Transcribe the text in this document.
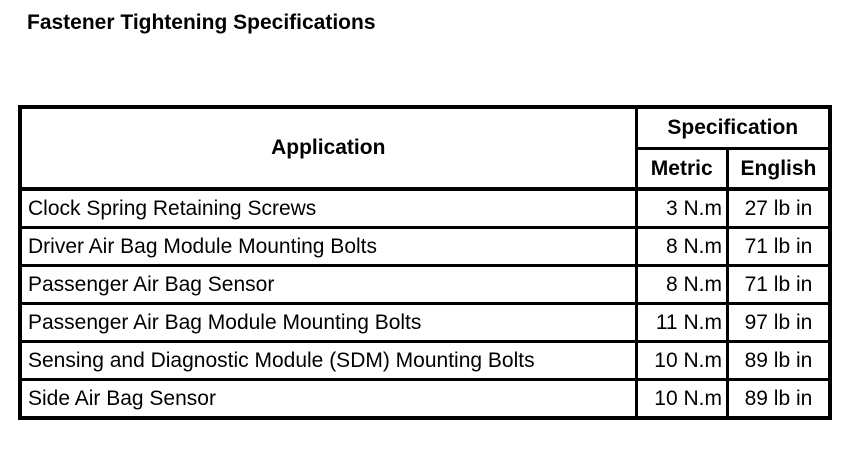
Fastener Tightening Specifications
Application	Specification	
	Metric	English
Clock Spring Retaining Screws	3 N.m	27 lb in
Driver Air Bag Module Mounting Bolts	8 N.m	71 lb in
Passenger Air Bag Sensor	8 N.m	71 lb in
Passenger Air Bag Module Mounting Bolts	11 N.m	97 lb in
Sensing and Diagnostic Module (SDM) Mounting Bolts	10 N.m	89 lb in
Side Air Bag Sensor	10 N.m	89 lb in
